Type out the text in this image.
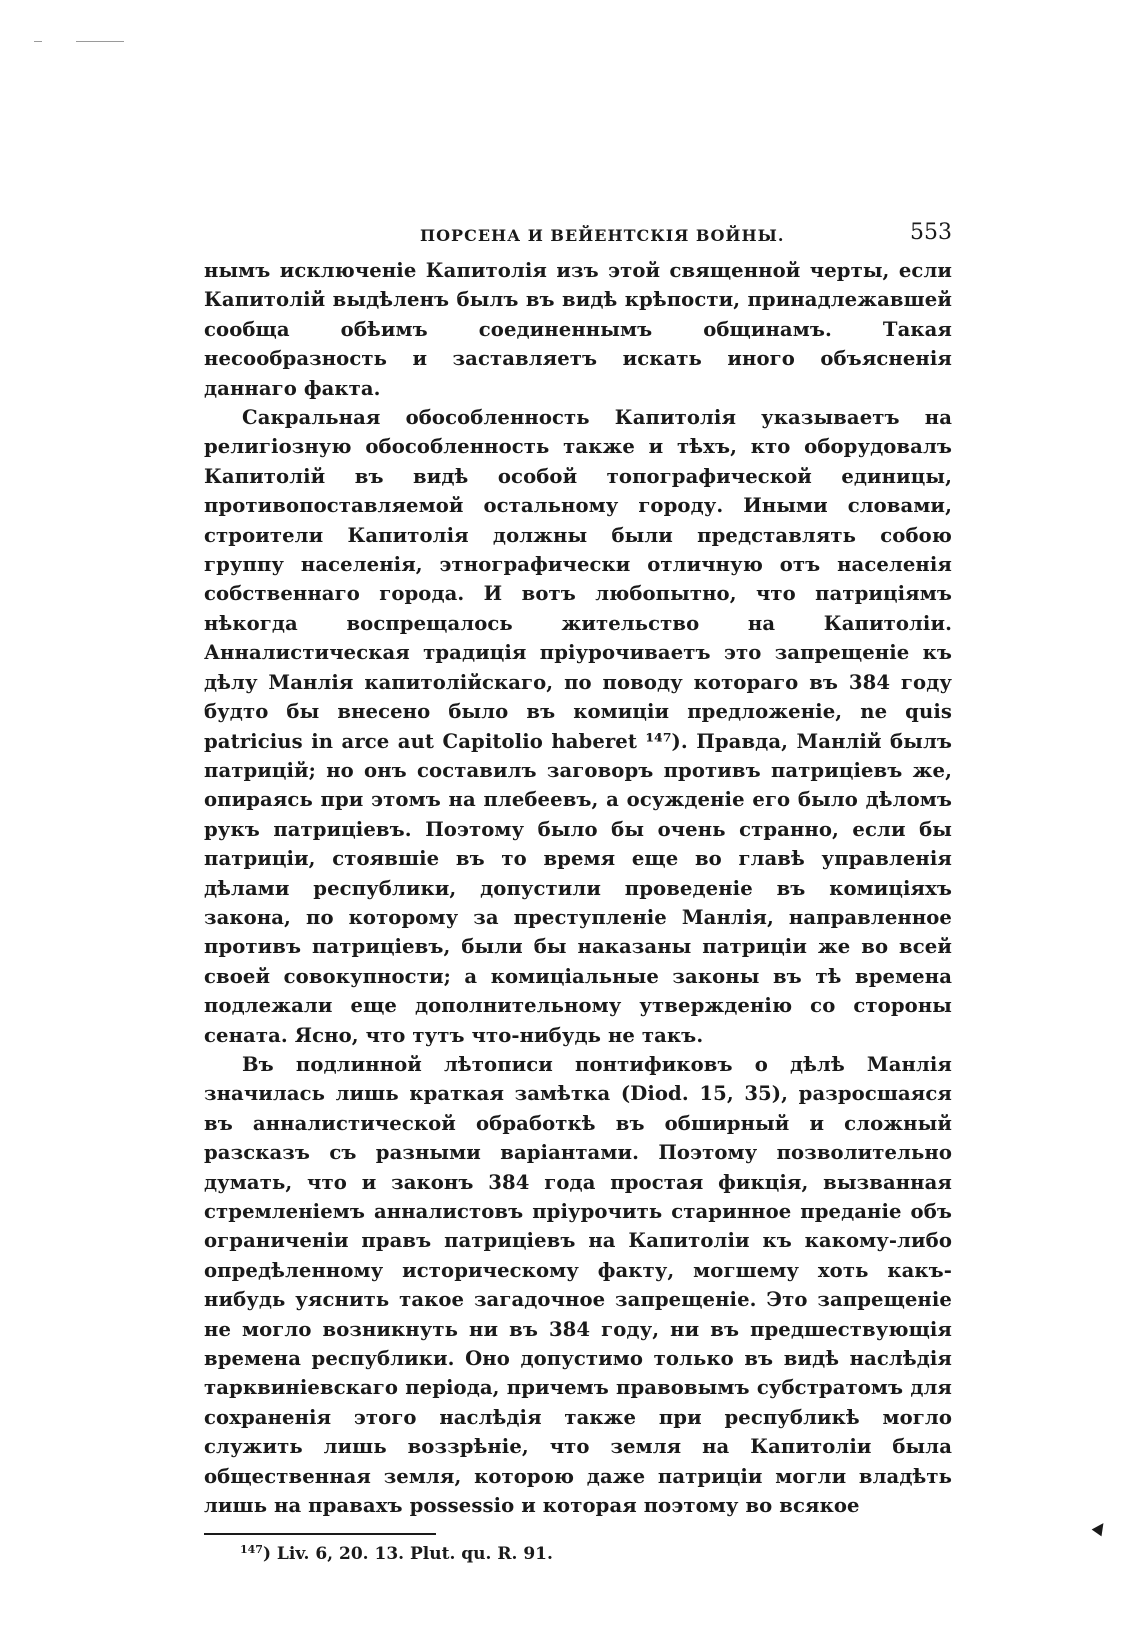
ПОРСЕНА И ВЕЙЕНТСКІЯ ВОЙНЫ.	553

нымъ исключеніе Капитолія изъ этой священной черты, если Капитолій выдѣленъ былъ въ видѣ крѣпости, принадлежавшей сообща обѣимъ соединеннымъ общинамъ. Такая несообразность и заставляетъ искать иного объясненія даннаго факта.

Сакральная обособленность Капитолія указываетъ на религіозную обособленность также и тѣхъ, кто оборудовалъ Капитолій въ видѣ особой топографической единицы, противопоставляемой остальному городу. Иными словами, строители Капитолія должны были представлять собою группу населенія, этнографически отличную отъ населенія собственнаго города. И вотъ любопытно, что патриціямъ нѣкогда воспрещалось жительство на Капитоліи. Анналистическая традиція пріурочиваетъ это запрещеніе къ дѣлу Манлія капитолійскаго, по поводу котораго въ 384 году будто бы внесено было въ комиціи предложеніе, ne quis patricius in arce aut Capitolio haberet ¹⁴⁷). Правда, Манлій былъ патрицій; но онъ составилъ заговоръ противъ патриціевъ же, опираясь при этомъ на плебеевъ, а осужденіе его было дѣломъ рукъ патриціевъ. Поэтому было бы очень странно, если бы патриціи, стоявшіе въ то время еще во главѣ управленія дѣлами республики, допустили проведеніе въ комиціяхъ закона, по которому за преступленіе Манлія, направленное противъ патриціевъ, были бы наказаны патриціи же во всей своей совокупности; а комиціальные законы въ тѣ времена подлежали еще дополнительному утвержденію со стороны сената. Ясно, что тутъ что-нибудь не такъ.

Въ подлинной лѣтописи понтификовъ о дѣлѣ Манлія значилась лишь краткая замѣтка (Diod. 15, 35), разросшаяся въ анналистической обработкѣ въ обширный и сложный разсказъ съ разными варіантами. Поэтому позволительно думать, что и законъ 384 года простая фикція, вызванная стремленіемъ анналистовъ пріурочить старинное преданіе объ ограниченіи правъ патриціевъ на Капитоліи къ какому-либо опредѣленному историческому факту, могшему хоть какъ-нибудь уяснить такое загадочное запрещеніе. Это запрещеніе не могло возникнуть ни въ 384 году, ни въ предшествующія времена республики. Оно допустимо только въ видѣ наслѣдія тарквиніевскаго періода, причемъ правовымъ субстратомъ для сохраненія этого наслѣдія также при республикѣ могло служить лишь воззрѣніе, что земля на Капитоліи была общественная земля, которою даже патриціи могли владѣть лишь на правахъ possessio и которая поэтому во всякое

$^{147}$) Liv. 6, 20. 13. Plut. qu. R. 91.
